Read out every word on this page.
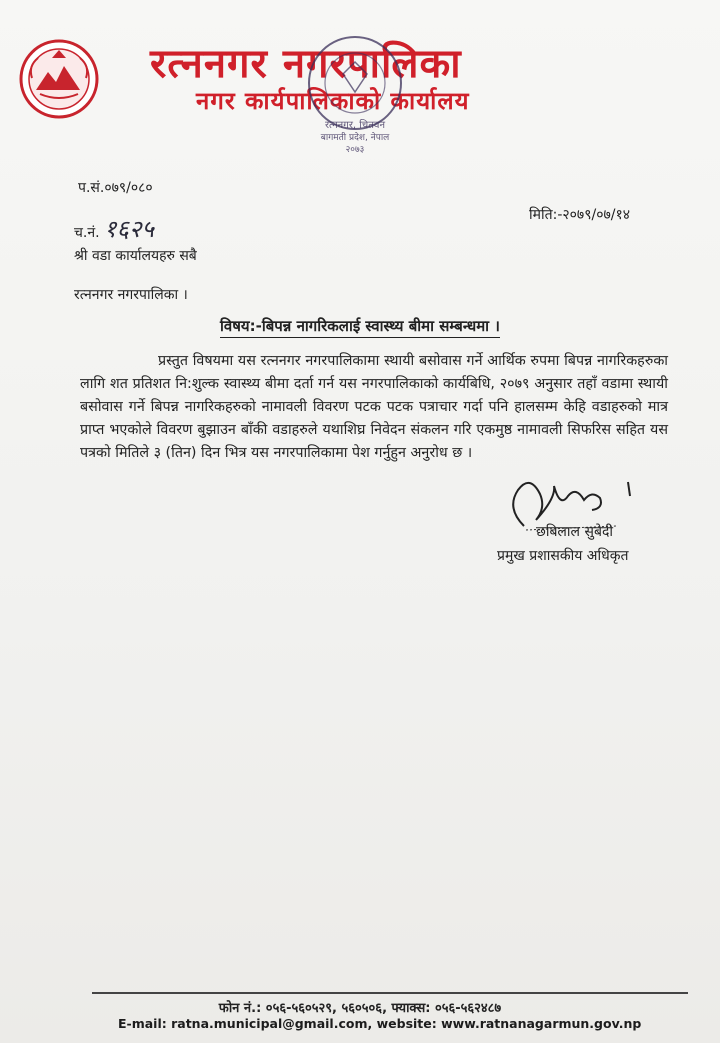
रत्ननगर नगरपालिका
नगर कार्यपालिकाको कार्यालय
रत्ननगर, चितवन
बागमती प्रदेश, नेपाल
२०७३
प.सं.०७९/०८०
च.नं. १६२५	मिति:-२०७९/०७/१४
श्री वडा कार्यालयहरु सबै
रत्ननगर नगरपालिका ।
विषय:-बिपन्न नागरिकलाई स्वास्थ्य बीमा सम्बन्धमा ।
प्रस्तुत विषयमा यस रत्ननगर नगरपालिकामा स्थायी बसोवास गर्ने आर्थिक रुपमा बिपन्न नागरिकहरुका लागि शत प्रतिशत नि:शुल्क स्वास्थ्य बीमा दर्ता गर्न यस नगरपालिकाको कार्यबिधि, २०७९ अनुसार तहाँ वडामा स्थायी बसोवास गर्ने बिपन्न नागरिकहरुको नामावली विवरण पटक पटक पत्राचार गर्दा पनि हालसम्म केहि वडाहरुको मात्र प्राप्त भएकोले विवरण बुझाउन बाँकी वडाहरुले यथाशिघ्र निवेदन संकलन गरि एकमुष्ठ नामावली सिफरिस सहित यस पत्रको मितिले ३ (तिन) दिन भित्र यस नगरपालिकामा पेश गर्नुहुन अनुरोध छ ।
छबिलाल सुबेदी
प्रमुख प्रशासकीय अधिकृत
फोन नं.: ०५६-५६०५२९, ५६०५०६, फ्याक्स: ०५६-५६२४८७
E-mail: ratna.municipal@gmail.com, website: www.ratnanagarmun.gov.np
